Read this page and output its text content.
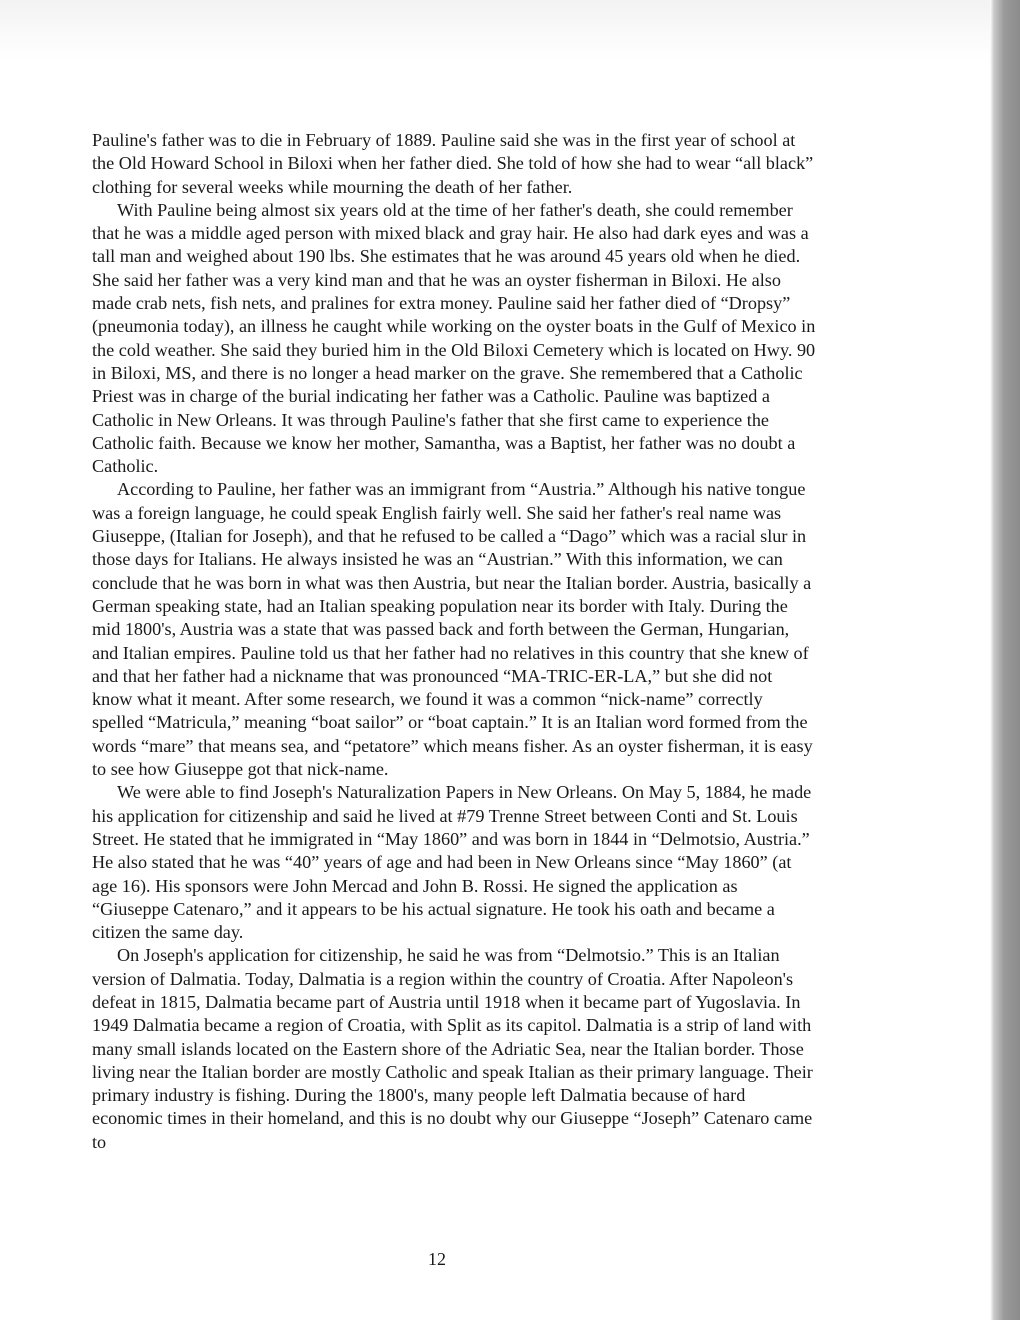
Pauline's father was to die in February of 1889. Pauline said she was in the first year of school at the Old Howard School in Biloxi when her father died. She told of how she had to wear “all black” clothing for several weeks while mourning the death of her father.

With Pauline being almost six years old at the time of her father's death, she could remember that he was a middle aged person with mixed black and gray hair. He also had dark eyes and was a tall man and weighed about 190 lbs. She estimates that he was around 45 years old when he died. She said her father was a very kind man and that he was an oyster fisherman in Biloxi. He also made crab nets, fish nets, and pralines for extra money. Pauline said her father died of “Dropsy” (pneumonia today), an illness he caught while working on the oyster boats in the Gulf of Mexico in the cold weather. She said they buried him in the Old Biloxi Cemetery which is located on Hwy. 90 in Biloxi, MS, and there is no longer a head marker on the grave. She remembered that a Catholic Priest was in charge of the burial indicating her father was a Catholic. Pauline was baptized a Catholic in New Orleans. It was through Pauline's father that she first came to experience the Catholic faith. Because we know her mother, Samantha, was a Baptist, her father was no doubt a Catholic.

According to Pauline, her father was an immigrant from “Austria.” Although his native tongue was a foreign language, he could speak English fairly well. She said her father's real name was Giuseppe, (Italian for Joseph), and that he refused to be called a “Dago” which was a racial slur in those days for Italians. He always insisted he was an “Austrian.” With this information, we can conclude that he was born in what was then Austria, but near the Italian border. Austria, basically a German speaking state, had an Italian speaking population near its border with Italy. During the mid 1800's, Austria was a state that was passed back and forth between the German, Hungarian, and Italian empires. Pauline told us that her father had no relatives in this country that she knew of and that her father had a nickname that was pronounced “MA-TRIC-ER-LA,” but she did not know what it meant. After some research, we found it was a common “nick-name” correctly spelled “Matricula,” meaning “boat sailor” or “boat captain.” It is an Italian word formed from the words “mare” that means sea, and “petatore” which means fisher. As an oyster fisherman, it is easy to see how Giuseppe got that nick-name.

We were able to find Joseph's Naturalization Papers in New Orleans. On May 5, 1884, he made his application for citizenship and said he lived at #79 Trenne Street between Conti and St. Louis Street. He stated that he immigrated in “May 1860” and was born in 1844 in “Delmotsio, Austria.” He also stated that he was “40” years of age and had been in New Orleans since “May 1860” (at age 16). His sponsors were John Mercad and John B. Rossi. He signed the application as “Giuseppe Catenaro,” and it appears to be his actual signature. He took his oath and became a citizen the same day.

On Joseph's application for citizenship, he said he was from “Delmotsio.” This is an Italian version of Dalmatia. Today, Dalmatia is a region within the country of Croatia. After Napoleon's defeat in 1815, Dalmatia became part of Austria until 1918 when it became part of Yugoslavia. In 1949 Dalmatia became a region of Croatia, with Split as its capitol. Dalmatia is a strip of land with many small islands located on the Eastern shore of the Adriatic Sea, near the Italian border. Those living near the Italian border are mostly Catholic and speak Italian as their primary language. Their primary industry is fishing. During the 1800's, many people left Dalmatia because of hard economic times in their homeland, and this is no doubt why our Giuseppe “Joseph” Catenaro came to

12
